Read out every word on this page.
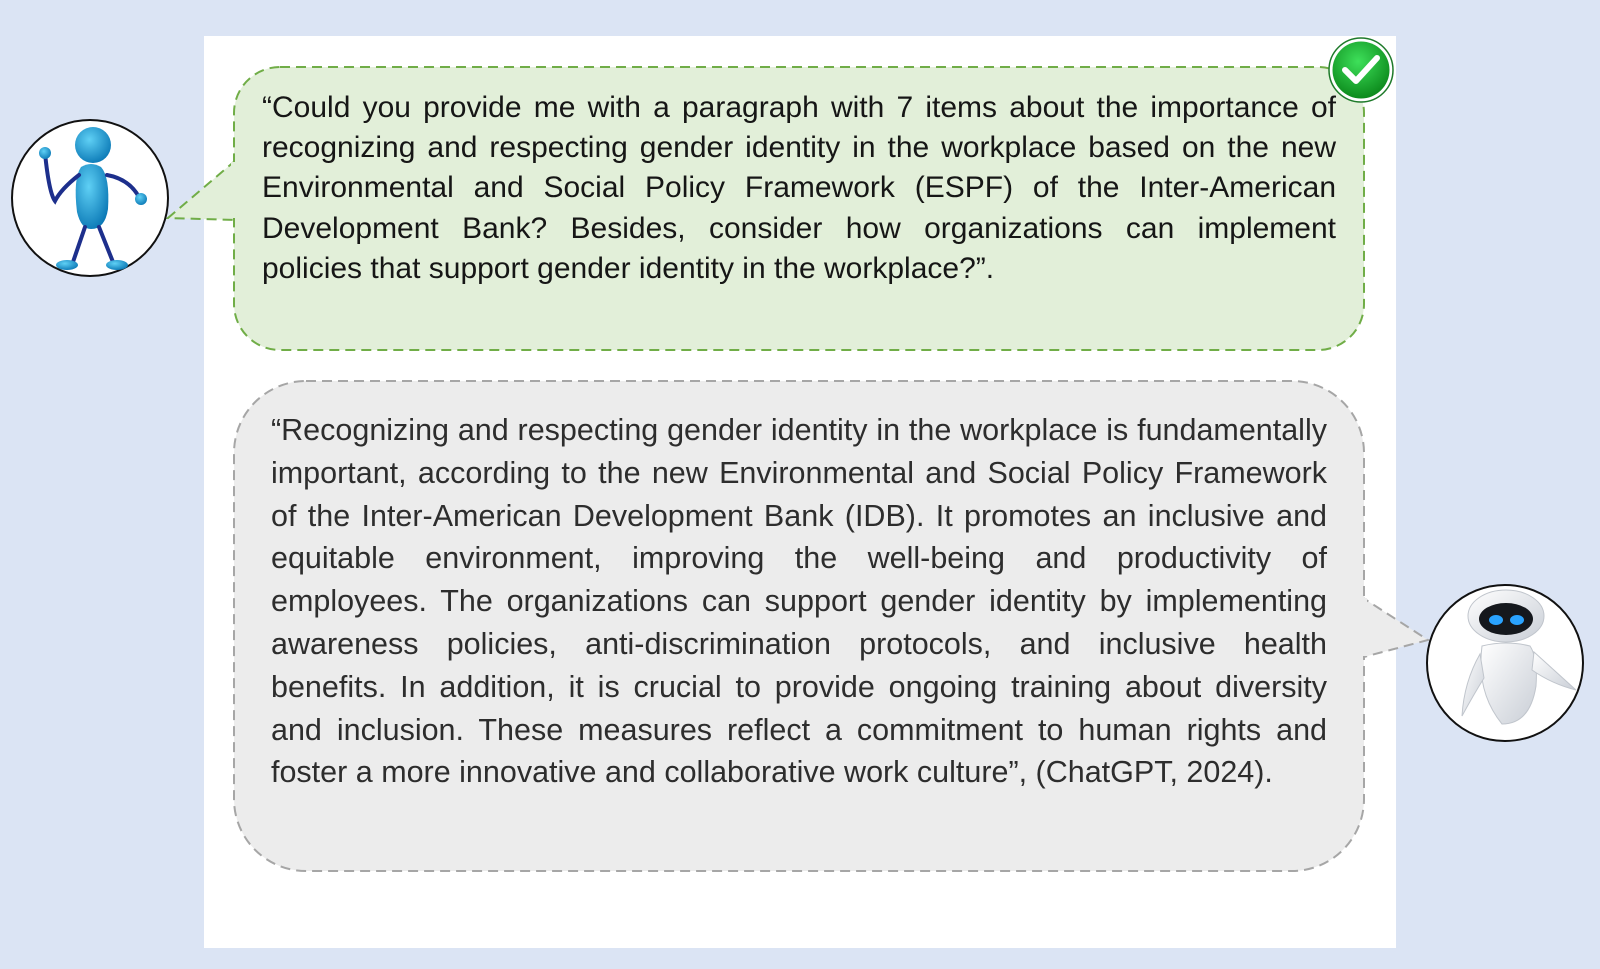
“Could you provide me with a paragraph with 7 items about the importance of recognizing and respecting gender identity in the workplace based on the new Environmental and Social Policy Framework (ESPF) of the Inter-American Development Bank? Besides, consider how organizations can implement policies that support gender identity in the workplace?”.

“Recognizing and respecting gender identity in the workplace is fundamentally important, according to the new Environmental and Social Policy Framework of the Inter-American Development Bank (IDB). It promotes an inclusive and equitable environment, improving the well-being and productivity of employees. The organizations can support gender identity by implementing awareness policies, anti-discrimination protocols, and inclusive health benefits. In addition, it is crucial to provide ongoing training about diversity and inclusion. These measures reflect a commitment to human rights and foster a more innovative and collaborative work culture”, (ChatGPT, 2024).
